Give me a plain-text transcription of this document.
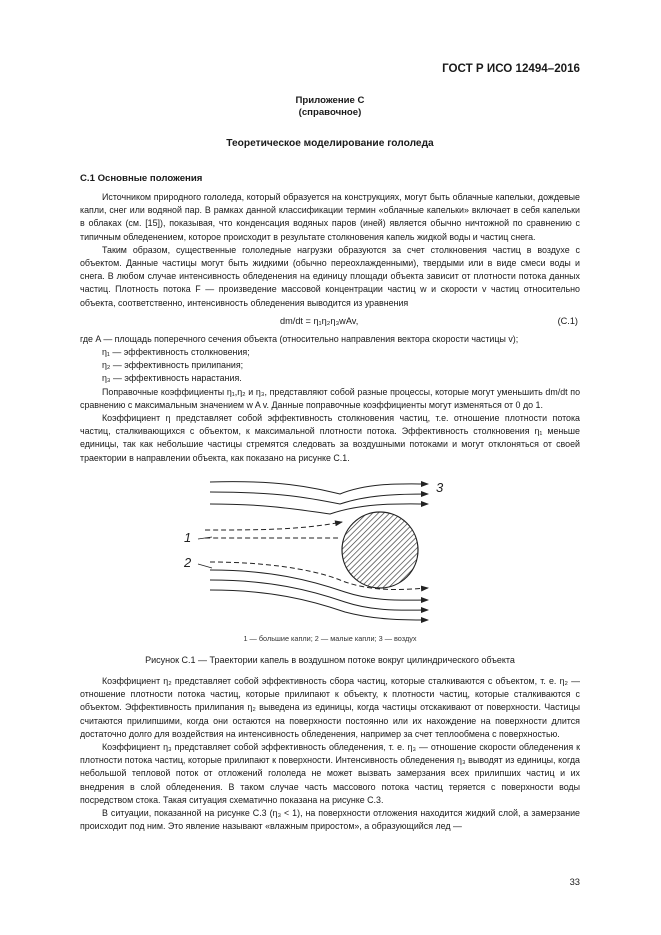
ГОСТ Р ИСО 12494–2016
Приложение С
(справочное)
Теоретическое моделирование гололеда
С.1 Основные положения

Источником природного гололеда, который образуется на конструкциях, могут быть облачные капельки, дождевые капли, снег или водяной пар. В рамках данной классификации термин «облачные капельки» включает в себя капельки в облаках (см. [15]), показывая, что конденсация водяных паров (иней) является обычно ничтожной по сравнению с типичным обледенением, которое происходит в результате столкновения капель жидкой воды и частиц снега.

Таким образом, существенные гололедные нагрузки образуются за счет столкновения частиц в воздухе с объектом. Данные частицы могут быть жидкими (обычно переохлажденными), твердыми или в виде смеси воды и снега. В любом случае интенсивность обледенения на единицу площади объекта зависит от плотности потока данных частиц. Плотность потока F — произведение массовой концентрации частиц w и скорости v частиц относительно объекта, соответственно, интенсивность обледенения выводится из уравнения

dm/dt = η₁η₂η₃wAv,	(С.1)

где A — площадь поперечного сечения объекта (относительно направления вектора скорости частицы v);

η₁ — эффективность столкновения;

η₂ — эффективность прилипания;

η₃ — эффективность нарастания.

Поправочные коэффициенты η₁,η₂ и η₃, представляют собой разные процессы, которые могут уменьшить dm/dt по сравнению с максимальным значением w A v. Данные поправочные коэффициенты могут изменяться от 0 до 1.

Коэффициент η представляет собой эффективность столкновения частиц, т.е. отношение плотности потока частиц, сталкивающихся с объектом, к максимальной плотности потока. Эффективность столкновения η₁ меньше единицы, так как небольшие частицы стремятся следовать за воздушными потоками и могут отклоняться от своей траектории в направлении объекта, как показано на рисунке С.1.

3
1
2
1 — большие капли; 2 — малые капли; 3 — воздух
Рисунок С.1 — Траектории капель в воздушном потоке вокруг цилиндрического объекта

Коэффициент η₂ представляет собой эффективность сбора частиц, которые сталкиваются с объектом, т. е. η₂ — отношение плотности потока частиц, которые прилипают к объекту, к плотности частиц, которые сталкиваются с объектом. Эффективность прилипания η₂ выведена из единицы, когда частицы отскакивают от поверхности. Частицы считаются прилипшими, когда они остаются на поверхности постоянно или их нахождение на поверхности длится достаточно долго для воздействия на интенсивность обледенения, например за счет теплообмена с поверхностью.

Коэффициент η₃ представляет собой эффективность обледенения, т. е. η₃ — отношение скорости обледенения к плотности потока частиц, которые прилипают к поверхности. Интенсивность обледенения η₃ выводят из единицы, когда небольшой тепловой поток от отложений гололеда не может вызвать замерзания всех прилипших частиц и их внедрения в слой обледенения. В таком случае часть массового потока частиц теряется с поверхности воды посредством стока. Такая ситуация схематично показана на рисунке С.3.

В ситуации, показанной на рисунке С.3 (η₃ < 1), на поверхности отложения находится жидкий слой, а замерзание происходит под ним. Это явление называют «влажным приростом», а образующийся лед —

33
